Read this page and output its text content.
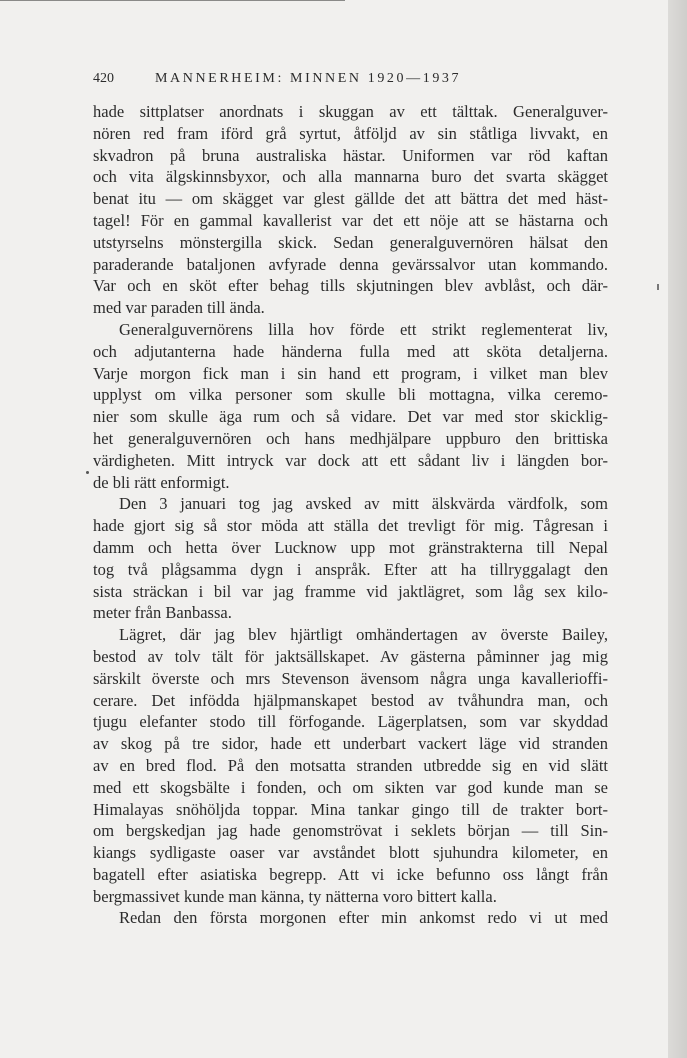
420	MANNERHEIM: MINNEN 1920—1937
hade sittplatser anordnats i skuggan av ett tälttak. Generalguver-
nören red fram iförd grå syrtut, åtföljd av sin ståtliga livvakt, en
skvadron på bruna australiska hästar. Uniformen var röd kaftan
och vita älgskinnsbyxor, och alla mannarna buro det svarta skägget
benat itu — om skägget var glest gällde det att bättra det med häst-
tagel! För en gammal kavallerist var det ett nöje att se hästarna och
utstyrselns mönstergilla skick. Sedan generalguvernören hälsat den
paraderande bataljonen avfyrade denna gevärssalvor utan kommando.
Var och en sköt efter behag tills skjutningen blev avblåst, och där-
med var paraden till ända.
Generalguvernörens lilla hov förde ett strikt reglementerat liv,
och adjutanterna hade händerna fulla med att sköta detaljerna.
Varje morgon fick man i sin hand ett program, i vilket man blev
upplyst om vilka personer som skulle bli mottagna, vilka ceremo-
nier som skulle äga rum och så vidare. Det var med stor skicklig-
het generalguvernören och hans medhjälpare uppburo den brittiska
värdigheten. Mitt intryck var dock att ett sådant liv i längden bor-
de bli rätt enformigt.
Den 3 januari tog jag avsked av mitt älskvärda värdfolk, som
hade gjort sig så stor möda att ställa det trevligt för mig. Tågresan i
damm och hetta över Lucknow upp mot gränstrakterna till Nepal
tog två plågsamma dygn i anspråk. Efter att ha tillryggalagt den
sista sträckan i bil var jag framme vid jaktlägret, som låg sex kilo-
meter från Banbassa.
Lägret, där jag blev hjärtligt omhändertagen av överste Bailey,
bestod av tolv tält för jaktsällskapet. Av gästerna påminner jag mig
särskilt överste och mrs Stevenson ävensom några unga kavallerioffi-
cerare. Det infödda hjälpmanskapet bestod av tvåhundra man, och
tjugu elefanter stodo till förfogande. Lägerplatsen, som var skyddad
av skog på tre sidor, hade ett underbart vackert läge vid stranden
av en bred flod. På den motsatta stranden utbredde sig en vid slätt
med ett skogsbälte i fonden, och om sikten var god kunde man se
Himalayas snöhöljda toppar. Mina tankar gingo till de trakter bort-
om bergskedjan jag hade genomströvat i seklets början — till Sin-
kiangs sydligaste oaser var avståndet blott sjuhundra kilometer, en
bagatell efter asiatiska begrepp. Att vi icke befunno oss långt från
bergmassivet kunde man känna, ty nätterna voro bittert kalla.
Redan den första morgonen efter min ankomst redo vi ut med
